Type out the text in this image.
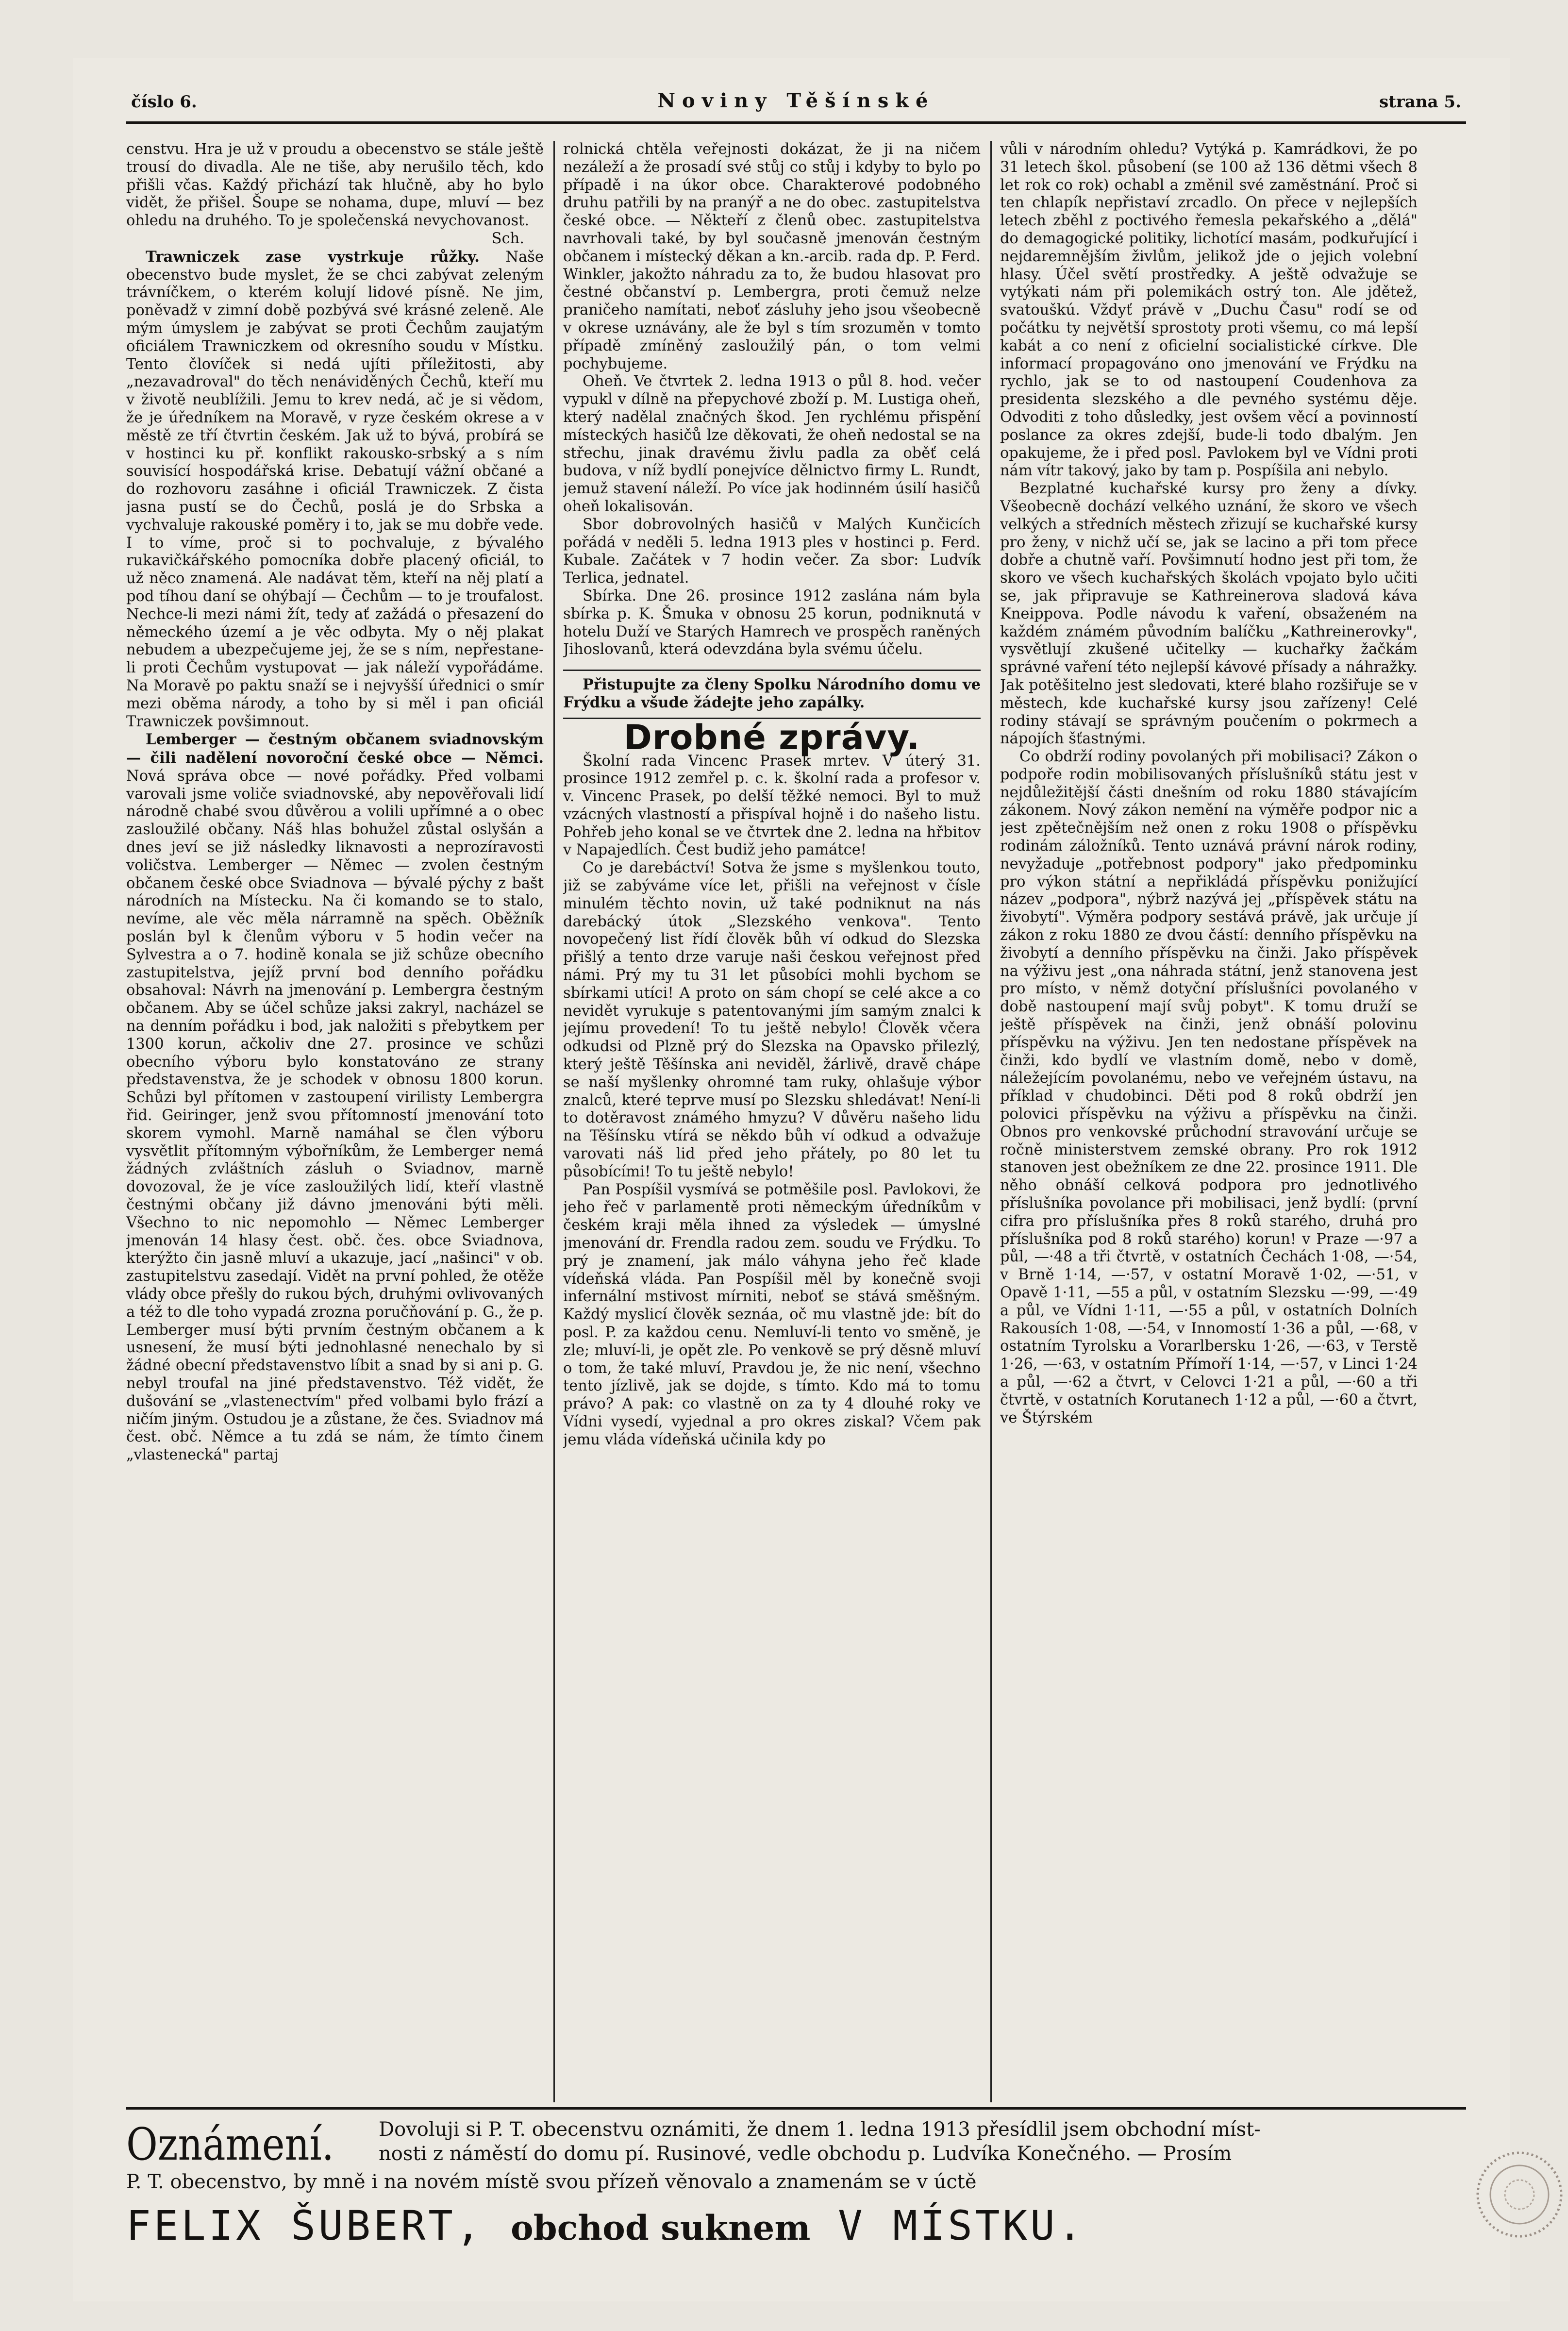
číslo 6.	Noviny Těšínské	strana 5.

censtvu. Hra je už v proudu a obecenstvo se stále ještě trousí do divadla. Ale ne tiše, aby nerušilo těch, kdo přišli včas. Každý přichází tak hlučně, aby ho bylo vidět, že přišel. Šoupe se nohama, dupe, mluví — bez ohledu na druhého. To je společenská nevychovanost.

Sch.

Trawniczek zase vystrkuje růžky. Naše obecenstvo bude myslet, že se chci zabývat zeleným trávníčkem, o kterém kolují lidové písně. Ne jim, poněvadž v zimní době pozbývá své krásné zeleně. Ale mým úmyslem je zabývat se proti Čechům zaujatým oficiálem Trawniczkem od okresního soudu v Místku. Tento človíček si nedá ujíti příležitosti, aby „nezavadroval" do těch nenáviděných Čechů, kteří mu v životě neublížili. Jemu to krev nedá, ač je si vědom, že je úředníkem na Moravě, v ryze českém okrese a v městě ze tří čtvrtin českém. Jak už to bývá, probírá se v hostinci ku př. konflikt rakousko-srbský a s ním souvisící hospodářská krise. Debatují vážní občané a do rozhovoru zasáhne i oficiál Trawniczek. Z čista jasna pustí se do Čechů, poslá je do Srbska a vychvaluje rakouské poměry i to, jak se mu dobře vede. I to víme, proč si to pochvaluje, z bývalého rukavičkářského pomocníka dobře placený oficiál, to už něco znamená. Ale nadávat těm, kteří na něj platí a pod tíhou daní se ohýbají — Čechům — to je troufalost. Nechce-li mezi námi žít, tedy ať zažádá o přesazení do německého území a je věc odbyta. My o něj plakat nebudem a ubezpečujeme jej, že se s ním, nepřestane-li proti Čechům vystupovat — jak náleží vypořádáme. Na Moravě po paktu snaží se i nejvyšší úřednici o smír mezi oběma národy, a toho by si měl i pan oficiál Trawniczek povšimnout.

Lemberger — čestným občanem sviadnovským — čili nadělení novoroční české obce — Němci. Nová správa obce — nové pořádky. Před volbami varovali jsme voliče sviadnovské, aby nepověřovali lidí národně chabé svou důvěrou a volili upřímné a o obec zasloužilé občany. Náš hlas bohužel zůstal oslyšán a dnes jeví se již následky liknavosti a neprozíravosti voličstva. Lemberger — Němec — zvolen čestným občanem české obce Sviadnova — bývalé pýchy z bašt národních na Místecku. Na či komando se to stalo, nevíme, ale věc měla nárramně na spěch. Oběžník poslán byl k členům výboru v 5 hodin večer na Sylvestra a o 7. hodině konala se již schůze obecního zastupitelstva, jejíž první bod denního pořádku obsahoval: Návrh na jmenování p. Lembergra čestným občanem. Aby se účel schůze jaksi zakryl, nacházel se na denním pořádku i bod, jak naložiti s přebytkem per 1300 korun, ačkoliv dne 27. prosince ve schůzi obecního výboru bylo konstatováno ze strany představenstva, že je schodek v obnosu 1800 korun. Schůzi byl přítomen v zastoupení virilisty Lembergra řid. Geiringer, jenž svou přítomností jmenování toto skorem vymohl. Marně namáhal se člen výboru vysvětlit přítomným výbořníkům, že Lemberger nemá žádných zvláštních zásluh o Sviadnov, marně dovozoval, že je více zasloužilých lidí, kteří vlastně čestnými občany již dávno jmenováni býti měli. Všechno to nic nepomohlo — Němec Lemberger jmenován 14 hlasy čest. obč. čes. obce Sviadnova, kterýžto čin jasně mluví a ukazuje, jací „našinci" v ob. zastupitelstvu zasedají. Vidět na první pohled, že otěže vlády obce přešly do rukou bých, druhými ovlivovaných a též to dle toho vypadá zrozna poručňování p. G., že p. Lemberger musí býti prvním čestným občanem a k usnesení, že musí býti jednohlasné nenechalo by si žádné obecní představenstvo líbit a snad by si ani p. G. nebyl troufal na jiné představenstvo. Též vidět, že dušování se „vlastenectvím" před volbami bylo frází a ničím jiným. Ostudou je a zůstane, že čes. Sviadnov má čest. obč. Němce a tu zdá se nám, že tímto činem „vlastenecká" partaj

rolnická chtěla veřejnosti dokázat, že ji na ničem nezáleží a že prosadí své stůj co stůj i kdyby to bylo po případě i na úkor obce. Charakterové podobného druhu patřili by na pranýř a ne do obec. zastupitelstva české obce. — Někteří z členů obec. zastupitelstva navrhovali také, by byl současně jmenován čestným občanem i místecký děkan a kn.-arcib. rada dp. P. Ferd. Winkler, jakožto náhradu za to, že budou hlasovat pro čestné občanství p. Lembergra, proti čemuž nelze praničeho namítati, neboť zásluhy jeho jsou všeobecně v okrese uznávány, ale že byl s tím srozuměn v tomto případě zmíněný zasloužilý pán, o tom velmi pochybujeme.

Oheň. Ve čtvrtek 2. ledna 1913 o půl 8. hod. večer vypukl v dílně na přepychové zboží p. M. Lustiga oheň, který nadělal značných škod. Jen rychlému přispění místeckých hasičů lze děkovati, že oheň nedostal se na střechu, jinak dravému živlu padla za oběť celá budova, v níž bydlí ponejvíce dělnictvo firmy L. Rundt, jemuž stavení náleží. Po více jak hodinném úsilí hasičů oheň lokalisován.

Sbor dobrovolných hasičů v Malých Kunčicích pořádá v neděli 5. ledna 1913 ples v hostinci p. Ferd. Kubale. Začátek v 7 hodin večer. Za sbor: Ludvík Terlica, jednatel.

Sbírka. Dne 26. prosince 1912 zaslána nám byla sbírka p. K. Šmuka v obnosu 25 korun, podniknutá v hotelu Duží ve Starých Hamrech ve prospěch raněných Jihoslovanů, která odevzdána byla svému účelu.

Přistupujte za členy Spolku Národního domu ve Frýdku a všude žádejte jeho zapálky.
Drobné zprávy.

Školní rada Vincenc Prasek mrtev. V úterý 31. prosince 1912 zemřel p. c. k. školní rada a profesor v. v. Vincenc Prasek, po delší těžké nemoci. Byl to muž vzácných vlastností a přispíval hojně i do našeho listu. Pohřeb jeho konal se ve čtvrtek dne 2. ledna na hřbitov v Napajedlích. Čest budiž jeho památce!

Co je darebáctví! Sotva že jsme s myšlenkou touto, již se zabýváme více let, přišli na veřejnost v čísle minulém těchto novin, už také podniknut na nás darebácký útok „Slezského venkova". Tento novopečený list řídí člověk bůh ví odkud do Slezska přišlý a tento drze varuje naši českou veřejnost před námi. Prý my tu 31 let působíci mohli bychom se sbírkami utíci! A proto on sám chopí se celé akce a co nevidět vyrukuje s patentovanými jím samým znalci k jejímu provedení! To tu ještě nebylo! Člověk včera odkudsi od Plzně prý do Slezska na Opavsko přilezlý, který ještě Těšínska ani neviděl, žárlivě, dravě chápe se naší myšlenky ohromné tam ruky, ohlašuje výbor znalců, které teprve musí po Slezsku shledávat! Není-li to dotěravost známého hmyzu? V důvěru našeho lidu na Těšínsku vtírá se někdo bůh ví odkud a odvažuje varovati náš lid před jeho přátely, po 80 let tu působícími! To tu ještě nebylo!

Pan Pospíšil vysmívá se potměšile posl. Pavlokovi, že jeho řeč v parlamentě proti německým úředníkům v českém kraji měla ihned za výsledek — úmyslné jmenování dr. Frendla radou zem. soudu ve Frýdku. To prý je znamení, jak málo váhyna jeho řeč klade vídeňská vláda. Pan Pospíšil měl by konečně svoji infernální mstivost mírniti, neboť se stává směšným. Každý myslicí člověk seznáa, oč mu vlastně jde: bít do posl. P. za každou cenu. Nemluví-li tento vo směně, je zle; mluví-li, je opět zle. Po venkově se prý děsně mluví o tom, že také mluví, Pravdou je, že nic není, všechno tento jízlivě, jak se dojde, s tímto. Kdo má to tomu právo? A pak: co vlastně on za ty 4 dlouhé roky ve Vídni vysedí, vyjednal a pro okres ziskal? Včem pak jemu vláda vídeňská učinila kdy po

vůli v národním ohledu? Vytýká p. Kamrádkovi, že po 31 letech škol. působení (se 100 až 136 dětmi všech 8 let rok co rok) ochabl a změnil své zaměstnání. Proč si ten chlapík nepřistaví zrcadlo. On přece v nejlepších letech zběhl z poctivého řemesla pekařského a „dělá" do demagogické politiky, lichotící masám, podkuřující i nejdaremnějším živlům, jelikož jde o jejich volební hlasy. Účel světí prostředky. A ještě odvažuje se vytýkati nám při polemikách ostrý ton. Ale jdětež, svatouškú. Vždyť právě v „Duchu Času" rodí se od počátku ty největší sprostoty proti všemu, co má lepší kabát a co není z oficielní socialistické církve. Dle informací propagováno ono jmenování ve Frýdku na rychlo, jak se to od nastoupení Coudenhova za presidenta slezského a dle pevného systému děje. Odvoditi z toho důsledky, jest ovšem věcí a povinností poslance za okres zdejší, bude-li todo dbalým. Jen opakujeme, že i před posl. Pavlokem byl ve Vídni proti nám vítr takový, jako by tam p. Pospíšila ani nebylo.

Bezplatné kuchařské kursy pro ženy a dívky. Všeobecně dochází velkého uznání, že skoro ve všech velkých a středních městech zřizují se kuchařské kursy pro ženy, v nichž učí se, jak se lacino a při tom přece dobře a chutně vaří. Povšimnutí hodno jest při tom, že skoro ve všech kuchařských školách vpojato bylo učiti se, jak připravuje se Kathreinerova sladová káva Kneippova. Podle návodu k vaření, obsaženém na každém známém původním balíčku „Kathreinerovky", vysvětlují zkušené učitelky — kuchařky žačkám správné vaření této nejlepší kávové přísady a náhražky. Jak potěšitelno jest sledovati, které blaho rozšiřuje se v městech, kde kuchařské kursy jsou zařízeny! Celé rodiny stávají se správným poučením o pokrmech a nápojích šťastnými.

Co obdrží rodiny povolaných při mobilisaci? Zákon o podpoře rodin mobilisovaných příslušníků státu jest v nejdůležitější části dnešním od roku 1880 stávajícím zákonem. Nový zákon nemění na výměře podpor nic a jest zpětečnějším než onen z roku 1908 o příspěvku rodinám záložníků. Tento uznává právní nárok rodiny, nevyžaduje „potřebnost podpory" jako předpominku pro výkon státní a nepřikládá příspěvku ponižující název „podpora", nýbrž nazývá jej „příspěvek státu na živobytí". Výměra podpory sestává právě, jak určuje jí zákon z roku 1880 ze dvou částí: denního příspěvku na živobytí a denního příspěvku na činži. Jako příspěvek na výživu jest „ona náhrada státní, jenž stanovena jest pro místo, v němž dotyční příslušníci povolaného v době nastoupení mají svůj pobyt". K tomu druží se ještě příspěvek na činži, jenž obnáší polovinu příspěvku na výživu. Jen ten nedostane příspěvek na činži, kdo bydlí ve vlastním domě, nebo v domě, náležejícím povolanému, nebo ve veřejném ústavu, na příklad v chudobinci. Děti pod 8 roků obdrží jen polovici příspěvku na výživu a příspěvku na činži. Obnos pro venkovské průchodní stravování určuje se ročně ministerstvem zemské obrany. Pro rok 1912 stanoven jest obežníkem ze dne 22. prosince 1911. Dle něho obnáší celková podpora pro jednotlivého příslušníka povolance při mobilisaci, jenž bydlí: (první cifra pro příslušníka přes 8 roků starého, druhá pro příslušníka pod 8 roků starého) korun! v Praze —·97 a půl, —·48 a tři čtvrtě, v ostatních Čechách 1·08, —·54, v Brně 1·14, —·57, v ostatní Moravě 1·02, —·51, v Opavě 1·11, —55 a půl, v ostatním Slezsku —·99, —·49 a půl, ve Vídni 1·11, —·55 a půl, v ostatních Dolních Rakousích 1·08, —·54, v Innomostí 1·36 a půl, —·68, v ostatním Tyrolsku a Vorarlbersku 1·26, —·63, v Terstě 1·26, —·63, v ostatním Přímoří 1·14, —·57, v Linci 1·24 a půl, —·62 a čtvrt, v Celovci 1·21 a půl, —·60 a tři čtvrtě, v ostatních Korutanech 1·12 a půl, —·60 a čtvrt, ve Štýrském

Oznámení. Dovoluji si P. T. obecenstvu oznámiti, že dnem 1. ledna 1913 přesídlil jsem obchodní míst-
nosti z náměstí do domu pí. Rusinové, vedle obchodu p. Ludvíka Konečného. — Prosím
P. T. obecenstvo, by mně i na novém místě svou přízeň věnovalo a znamenám se v úctě
FELIX ŠUBERT, obchod suknem V MÍSTKU.
